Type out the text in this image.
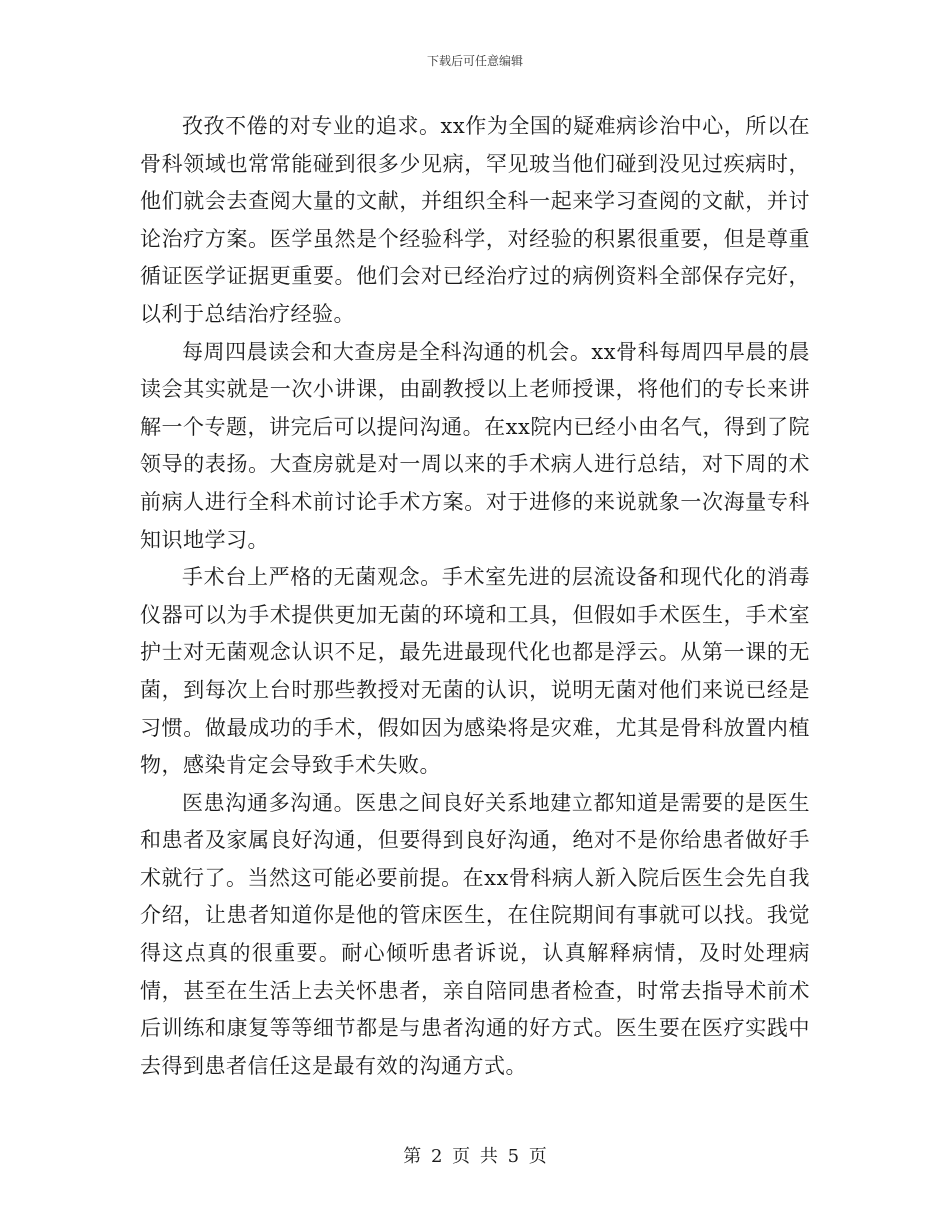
下载后可任意编辑

孜孜不倦的对专业的追求。xx作为全国的疑难病诊治中心，所以在骨科领域也常常能碰到很多少见病，罕见玻当他们碰到没见过疾病时，他们就会去查阅大量的文献，并组织全科一起来学习查阅的文献，并讨论治疗方案。医学虽然是个经验科学，对经验的积累很重要，但是尊重循证医学证据更重要。他们会对已经治疗过的病例资料全部保存完好，以利于总结治疗经验。

每周四晨读会和大查房是全科沟通的机会。xx骨科每周四早晨的晨读会其实就是一次小讲课，由副教授以上老师授课，将他们的专长来讲解一个专题，讲完后可以提问沟通。在xx院内已经小由名气，得到了院领导的表扬。大查房就是对一周以来的手术病人进行总结，对下周的术前病人进行全科术前讨论手术方案。对于进修的来说就象一次海量专科知识地学习。

手术台上严格的无菌观念。手术室先进的层流设备和现代化的消毒仪器可以为手术提供更加无菌的环境和工具，但假如手术医生，手术室护士对无菌观念认识不足，最先进最现代化也都是浮云。从第一课的无菌，到每次上台时那些教授对无菌的认识，说明无菌对他们来说已经是习惯。做最成功的手术，假如因为感染将是灾难，尤其是骨科放置内植物，感染肯定会导致手术失败。

医患沟通多沟通。医患之间良好关系地建立都知道是需要的是医生和患者及家属良好沟通，但要得到良好沟通，绝对不是你给患者做好手术就行了。当然这可能必要前提。在xx骨科病人新入院后医生会先自我介绍，让患者知道你是他的管床医生，在住院期间有事就可以找。我觉得这点真的很重要。耐心倾听患者诉说，认真解释病情，及时处理病情，甚至在生活上去关怀患者，亲自陪同患者检查，时常去指导术前术后训练和康复等等细节都是与患者沟通的好方式。医生要在医疗实践中去得到患者信任这是最有效的沟通方式。

第 2 页 共 5 页
